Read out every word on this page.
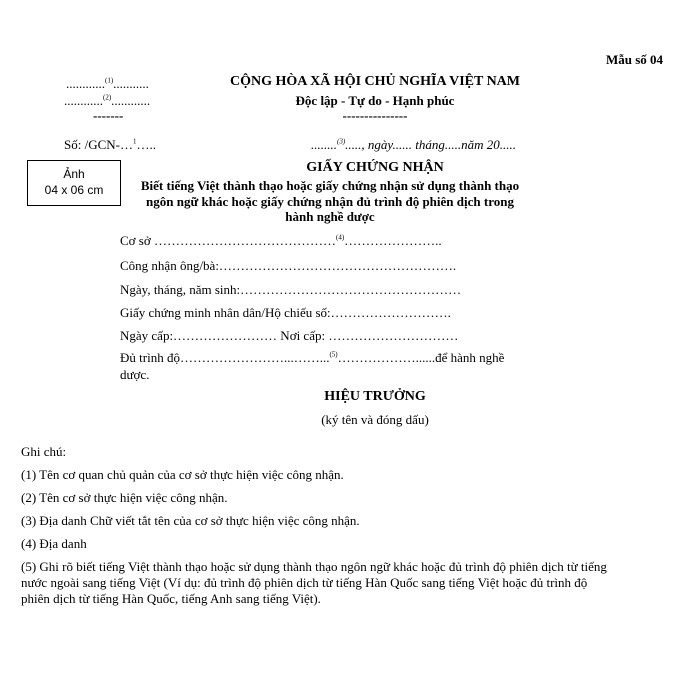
Mẫu số 04
............$^{(1)}$...........
............$^{(2)}$............
-------
CỘNG HÒA XÃ HỘI CHỦ NGHĨA VIỆT NAM
Độc lập - Tự do - Hạnh phúc
---------------
Số: /GCN-…$^1$…..	........$^{(3)}$....., ngày...... tháng.....năm 20.....
Ảnh
04 x 06 cm
GIẤY CHỨNG NHẬN
Biết tiếng Việt thành thạo hoặc giấy chứng nhận sử dụng thành thạo
ngôn ngữ khác hoặc giấy chứng nhận đủ trình độ phiên dịch trong
hành nghề dược
Cơ sở ……………………………………$^{(4)}$…………………..
Công nhận ông/bà:……………………………………………….
Ngày, tháng, năm sinh:……………………………………………
Giấy chứng minh nhân dân/Hộ chiếu số:……………………….
Ngày cấp:…………………… Nơi cấp: …………………………
Đủ trình độ……………………...……...$^{(5)}$………………......để hành nghề
dược.
HIỆU TRƯỞNG
(ký tên và đóng dấu)
Ghi chú:
(1) Tên cơ quan chủ quản của cơ sở thực hiện việc công nhận.
(2) Tên cơ sở thực hiện việc công nhận.
(3) Địa danh Chữ viết tắt tên của cơ sở thực hiện việc công nhận.
(4) Địa danh
(5) Ghi rõ biết tiếng Việt thành thạo hoặc sử dụng thành thạo ngôn ngữ khác hoặc đủ trình độ phiên dịch từ tiếng
nước ngoài sang tiếng Việt (Ví dụ: đủ trình độ phiên dịch từ tiếng Hàn Quốc sang tiếng Việt hoặc đủ trình độ
phiên dịch từ tiếng Hàn Quốc, tiếng Anh sang tiếng Việt).
